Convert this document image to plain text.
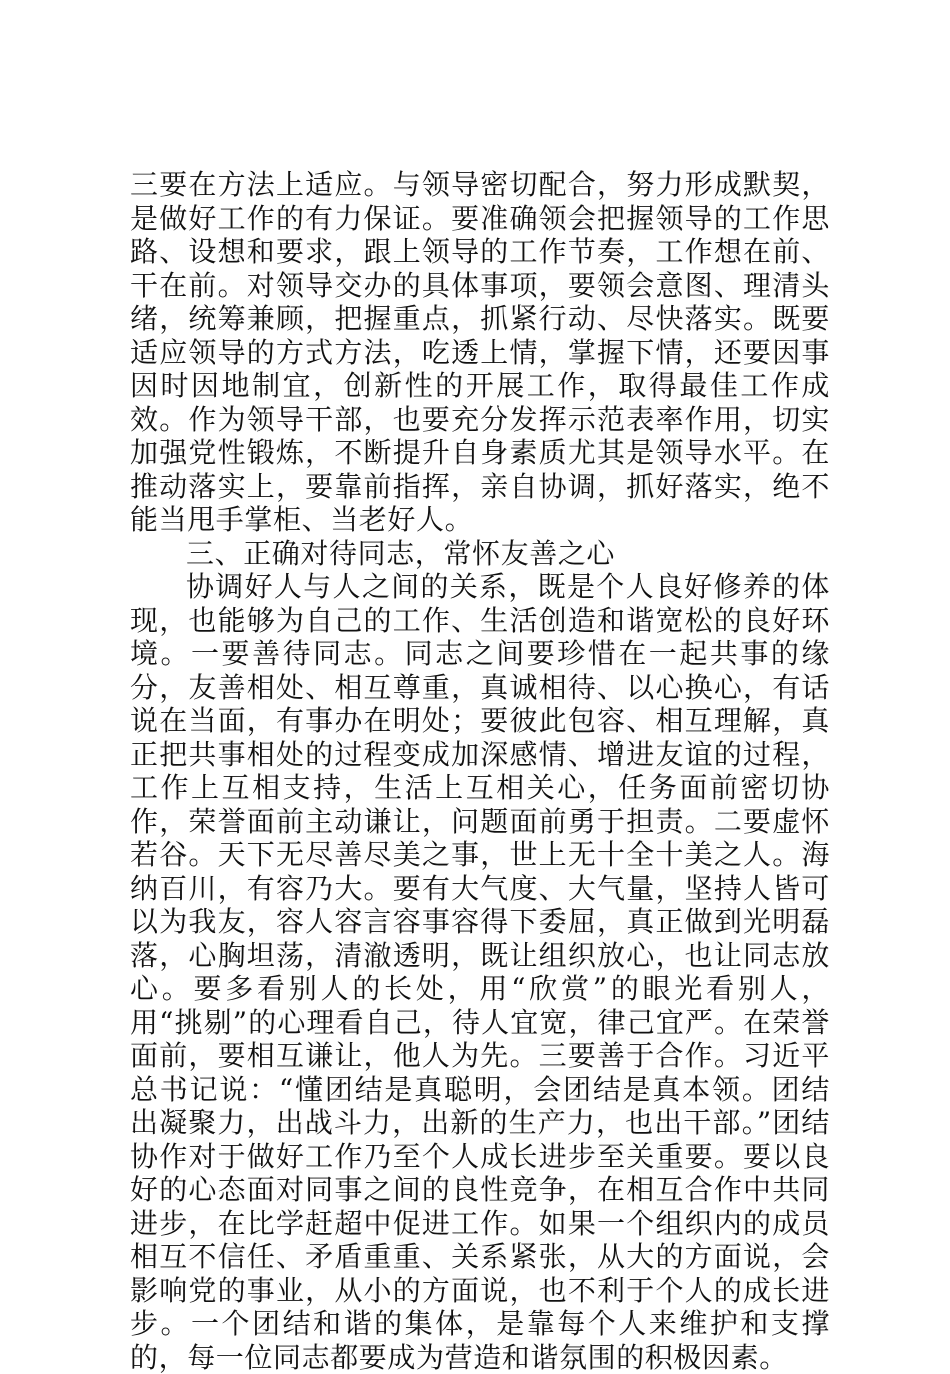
三要在方法上适应。与领导密切配合，努力形成默契，是做好工作的有力保证。要准确领会把握领导的工作思路、设想和要求，跟上领导的工作节奏，工作想在前、干在前。对领导交办的具体事项，要领会意图、理清头绪，统筹兼顾，把握重点，抓紧行动、尽快落实。既要适应领导的方式方法，吃透上情，掌握下情，还要因事因时因地制宜，创新性的开展工作，取得最佳工作成效。作为领导干部，也要充分发挥示范表率作用，切实加强党性锻炼，不断提升自身素质尤其是领导水平。在推动落实上，要靠前指挥，亲自协调，抓好落实，绝不能当甩手掌柜、当老好人。

三、正确对待同志，常怀友善之心

协调好人与人之间的关系，既是个人良好修养的体现，也能够为自己的工作、生活创造和谐宽松的良好环境。一要善待同志。同志之间要珍惜在一起共事的缘分，友善相处、相互尊重，真诚相待、以心换心，有话说在当面，有事办在明处；要彼此包容、相互理解，真正把共事相处的过程变成加深感情、增进友谊的过程，工作上互相支持，生活上互相关心，任务面前密切协作，荣誉面前主动谦让，问题面前勇于担责。二要虚怀若谷。天下无尽善尽美之事，世上无十全十美之人。海纳百川，有容乃大。要有大气度、大气量，坚持人皆可以为我友，容人容言容事容得下委屈，真正做到光明磊落，心胸坦荡，清澈透明，既让组织放心，也让同志放心。要多看别人的长处，用“欣赏”的眼光看别人，用“挑剔”的心理看自己，待人宜宽，律己宜严。在荣誉面前，要相互谦让，他人为先。三要善于合作。习近平总书记说：“懂团结是真聪明，会团结是真本领。团结出凝聚力，出战斗力，出新的生产力，也出干部。”团结协作对于做好工作乃至个人成长进步至关重要。要以良好的心态面对同事之间的良性竞争，在相互合作中共同进步，在比学赶超中促进工作。如果一个组织内的成员相互不信任、矛盾重重、关系紧张，从大的方面说，会影响党的事业，从小的方面说，也不利于个人的成长进步。一个团结和谐的集体，是靠每个人来维护和支撑的，每一位同志都要成为营造和谐氛围的积极因素。
